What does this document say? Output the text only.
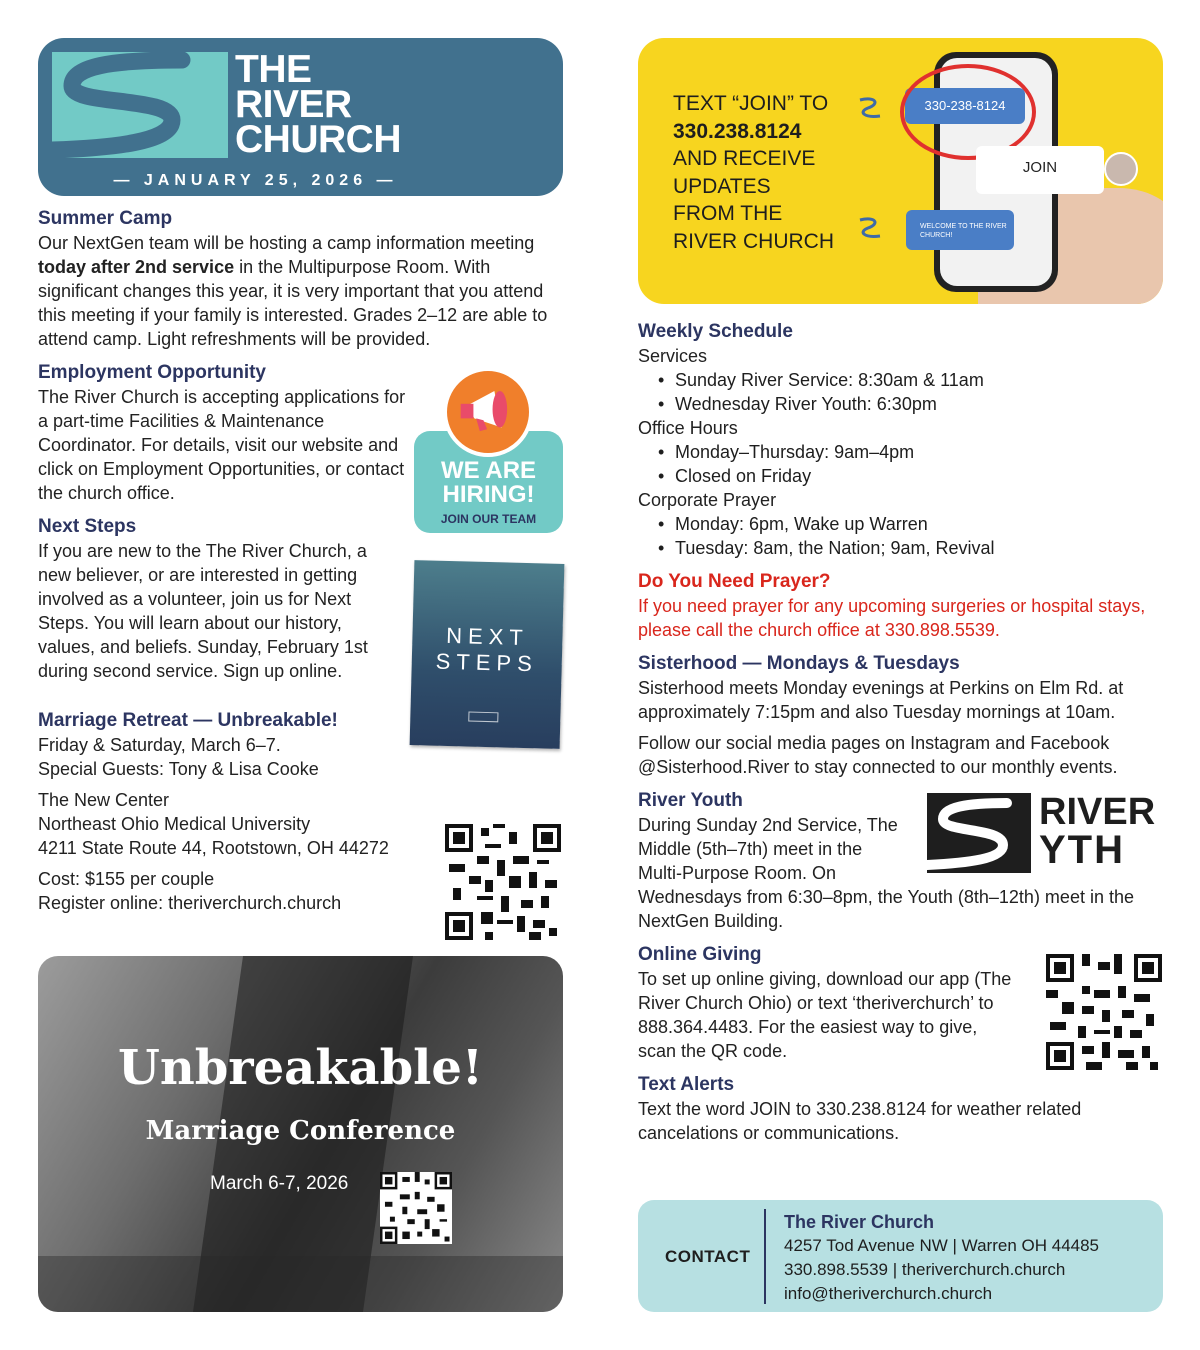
THE
RIVER
CHURCH
— JANUARY 25, 2026 —
Summer Camp
Our NextGen team will be hosting a camp information meeting today after 2nd service in the Multipurpose Room. With significant changes this year, it is very important that you attend this meeting if your family is interested. Grades 2–12 are able to attend camp. Light refreshments will be provided.
Employment Opportunity
The River Church is accepting applications for a part-time Facilities & Maintenance Coordinator. For details, visit our website and click on Employment Opportunities, or contact the church office.
Next Steps
If you are new to the The River Church, a new believer, or are interested in getting involved as a volunteer, join us for Next Steps. You will learn about our history, values, and beliefs. Sunday, February 1st during second service. Sign up online.
Marriage Retreat — Unbreakable!
Friday & Saturday, March 6–7.
Special Guests: Tony & Lisa Cooke
The New Center
Northeast Ohio Medical University
4211 State Route 44, Rootstown, OH 44272
Cost: $155 per couple
Register online: theriverchurch.church
WE ARE
HIRING!
JOIN OUR TEAM
NEXT
STEPS
Unbreakable!
Marriage Conference
March 6-7, 2026
TEXT “JOIN” TO
330.238.8124
AND RECEIVE
UPDATES
FROM THE
RIVER CHURCH
330-238-8124
JOIN
WELCOME TO THE RIVER CHURCH!
Weekly Schedule
Services
• Sunday River Service: 8:30am & 11am
• Wednesday River Youth: 6:30pm
Office Hours
• Monday–Thursday: 9am–4pm
• Closed on Friday
Corporate Prayer
• Monday: 6pm, Wake up Warren
• Tuesday: 8am, the Nation; 9am, Revival
Do You Need Prayer?
If you need prayer for any upcoming surgeries or hospital stays, please call the church office at 330.898.5539.
Sisterhood — Mondays & Tuesdays
Sisterhood meets Monday evenings at Perkins on Elm Rd. at approximately 7:15pm and also Tuesday mornings at 10am.
Follow our social media pages on Instagram and Facebook @Sisterhood.River to stay connected to our monthly events.
River Youth
During Sunday 2nd Service, The Middle (5th–7th) meet in the Multi-Purpose Room. On
Wednesdays from 6:30–8pm, the Youth (8th–12th) meet in the NextGen Building.
Online Giving
To set up online giving, download our app (The River Church Ohio) or text ‘theriverchurch’ to 888.364.4483. For the easiest way to give, scan the QR code.
Text Alerts
Text the word JOIN to 330.238.8124 for weather related cancelations or communications.
RIVER
YTH
CONTACT
The River Church
4257 Tod Avenue NW | Warren OH 44485
330.898.5539 | theriverchurch.church
info@theriverchurch.church
